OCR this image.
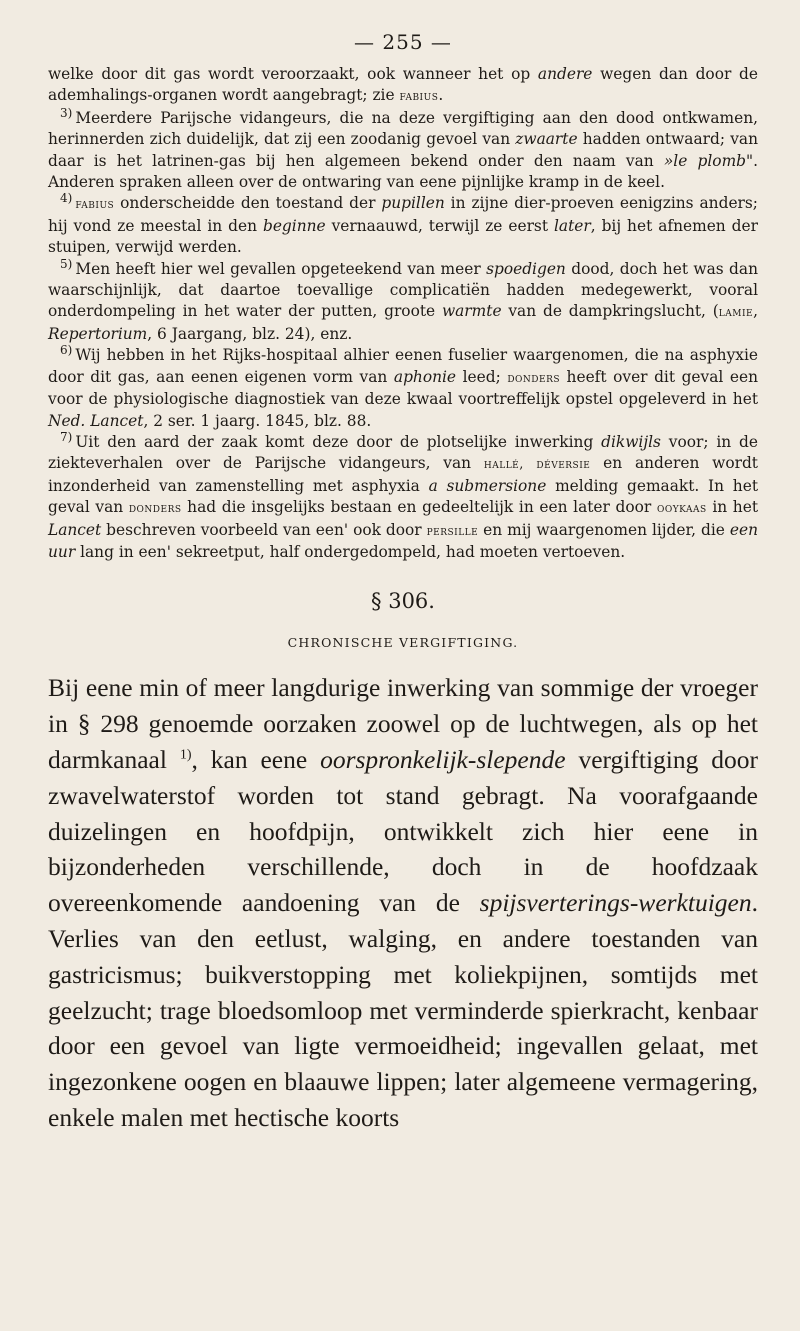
— 255 —

welke door dit gas wordt veroorzaakt, ook wanneer het op andere wegen dan door de ademhalings-organen wordt aangebragt; zie fabius.

$^{3)}$ Meerdere Parijsche vidangeurs, die na deze vergiftiging aan den dood ontkwamen, herinnerden zich duidelijk, dat zij een zoodanig gevoel van zwaarte hadden ontwaard; van daar is het latrinen-gas bij hen algemeen bekend onder den naam van »le plomb". Anderen spraken alleen over de ontwaring van eene pijnlijke kramp in de keel.

$^{4)}$ fabius onderscheidde den toestand der pupillen in zijne dier-proeven eenigzins anders; hij vond ze meestal in den beginne vernaauwd, terwijl ze eerst later, bij het afnemen der stuipen, verwijd werden.

$^{5)}$ Men heeft hier wel gevallen opgeteekend van meer spoedigen dood, doch het was dan waarschijnlijk, dat daartoe toevallige complicatiën hadden medegewerkt, vooral onderdompeling in het water der putten, groote warmte van de dampkringslucht, (lamie, Repertorium, 6 Jaargang, blz. 24), enz.

$^{6)}$ Wij hebben in het Rijks-hospitaal alhier eenen fuselier waargenomen, die na asphyxie door dit gas, aan eenen eigenen vorm van aphonie leed; donders heeft over dit geval een voor de physiologische diagnostiek van deze kwaal voortreffelijk opstel opgeleverd in het Ned. Lancet, 2 ser. 1 jaarg. 1845, blz. 88.

$^{7)}$ Uit den aard der zaak komt deze door de plotselijke inwerking dikwijls voor; in de ziekteverhalen over de Parijsche vidangeurs, van hallé, déversie en anderen wordt inzonderheid van zamenstelling met asphyxia a submersione melding gemaakt. In het geval van donders had die insgelijks bestaan en gedeeltelijk in een later door ooykaas in het Lancet beschreven voorbeeld van een' ook door persille en mij waargenomen lijder, die een uur lang in een' sekreetput, half ondergedompeld, had moeten vertoeven.

§ 306.
CHRONISCHE VERGIFTIGING.

Bij eene min of meer langdurige inwerking van sommige der vroeger in § 298 genoemde oorzaken zoowel op de luchtwegen, als op het darmkanaal $^{1)}$, kan eene oorspronkelijk-slepende vergiftiging door zwavelwaterstof worden tot stand gebragt. Na voorafgaande duizelingen en hoofdpijn, ontwikkelt zich hier eene in bijzonderheden verschillende, doch in de hoofdzaak overeenkomende aandoening van de spijsverterings-werktuigen. Verlies van den eetlust, walging, en andere toestanden van gastricismus; buikverstopping met koliekpijnen, somtijds met geelzucht; trage bloedsomloop met verminderde spierkracht, kenbaar door een gevoel van ligte vermoeidheid; ingevallen gelaat, met ingezonkene oogen en blaauwe lippen; later algemeene vermagering, enkele malen met hectische koorts
